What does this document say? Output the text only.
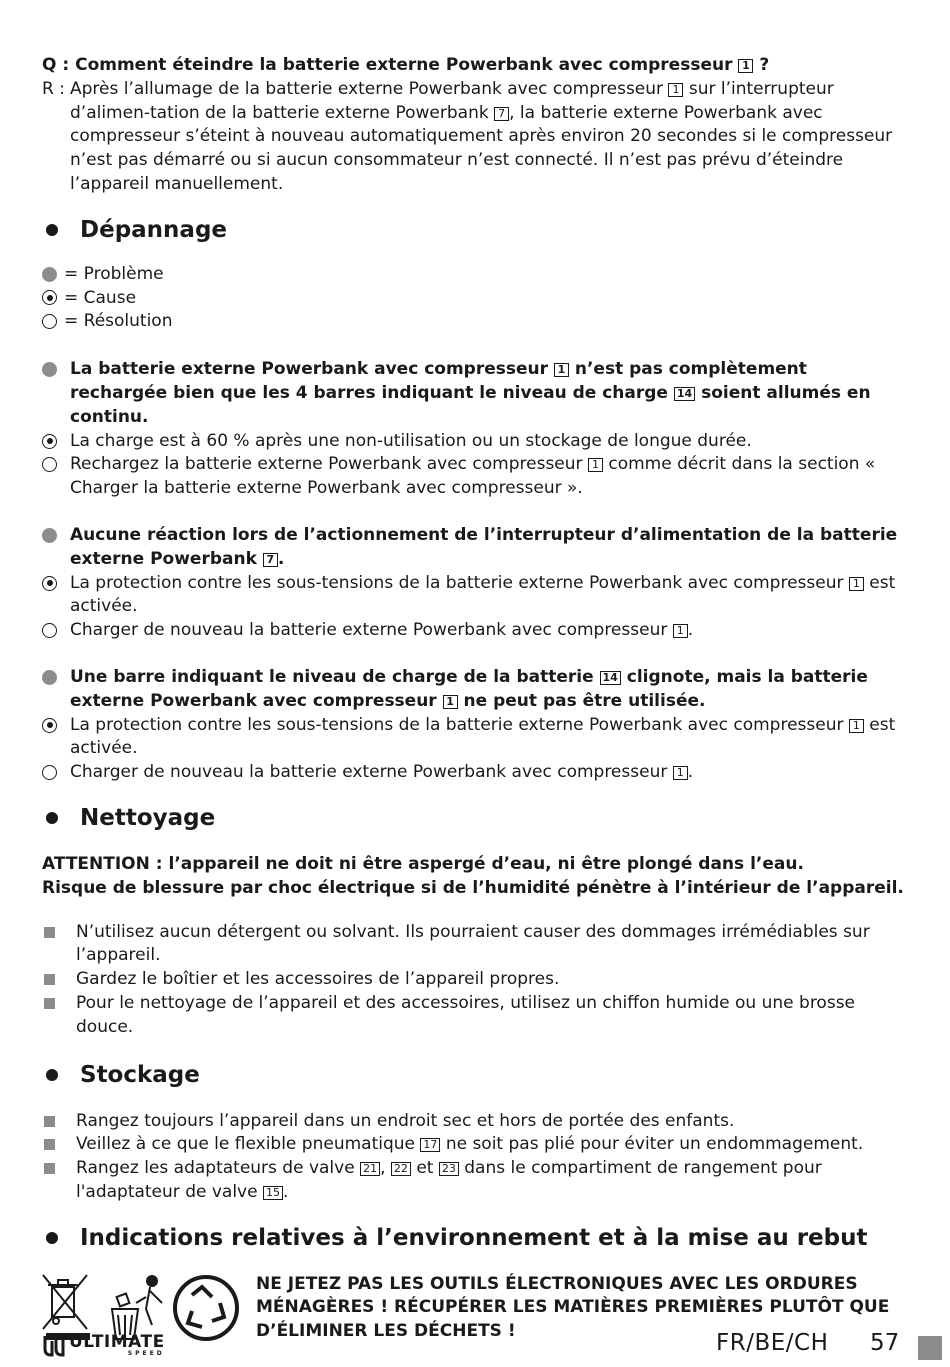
Q : Comment éteindre la batterie externe Powerbank avec compresseur 1 ?

R : Après l’allumage de la batterie externe Powerbank avec compresseur 1 sur l’interrupteur d’alimen-tation de la batterie externe Powerbank 7 , la batterie externe Powerbank avec compresseur s’éteint à nouveau automatiquement après environ 20 secondes si le compresseur n’est pas démarré ou si aucun consommateur n’est connecté. Il n’est pas prévu d’éteindre l’appareil manuellement.
Dépannage
= Problème
= Cause
= Résolution
La batterie externe Powerbank avec compresseur 1 n’est pas complètement rechargée bien que les 4 barres indiquant le niveau de charge 14 soient allumés en continu.
La charge est à 60 % après une non-utilisation ou un stockage de longue durée.
Rechargez la batterie externe Powerbank avec compresseur 1 comme décrit dans la section « Charger la batterie externe Powerbank avec compresseur ».
Aucune réaction lors de l’actionnement de l’interrupteur d’alimentation de la batterie externe Powerbank 7 .
La protection contre les sous-tensions de la batterie externe Powerbank avec compresseur 1 est activée.
Charger de nouveau la batterie externe Powerbank avec compresseur 1 .
Une barre indiquant le niveau de charge de la batterie 14 clignote, mais la batterie externe Powerbank avec compresseur 1 ne peut pas être utilisée.
La protection contre les sous-tensions de la batterie externe Powerbank avec compresseur 1 est activée.
Charger de nouveau la batterie externe Powerbank avec compresseur 1 .
Nettoyage
ATTENTION : l’appareil ne doit ni être aspergé d’eau, ni être plongé dans l’eau.
Risque de blessure par choc électrique si de l’humidité pénètre à l’intérieur de l’appareil.
N’utilisez aucun détergent ou solvant. Ils pourraient causer des dommages irrémédiables sur l’appareil.
Gardez le boîtier et les accessoires de l’appareil propres.
Pour le nettoyage de l’appareil et des accessoires, utilisez un chiffon humide ou une brosse douce.
Stockage
Rangez toujours l’appareil dans un endroit sec et hors de portée des enfants.
Veillez à ce que le flexible pneumatique 17 ne soit pas plié pour éviter un endommagement.
Rangez les adaptateurs de valve 21 , 22 et 23 dans le compartiment de rangement pour l'adaptateur de valve 15 .
Indications relatives à l’environnement et à la mise au rebut
NE JETEZ PAS LES OUTILS ÉLECTRONIQUES AVEC LES ORDURES MÉNAGÈRES ! RÉCUPÉRER LES MATIÈRES PREMIÈRES PLUTÔT QUE D’ÉLIMINER LES DÉCHETS !
ULTIMATE
SPEED	FR/BE/CH 57
